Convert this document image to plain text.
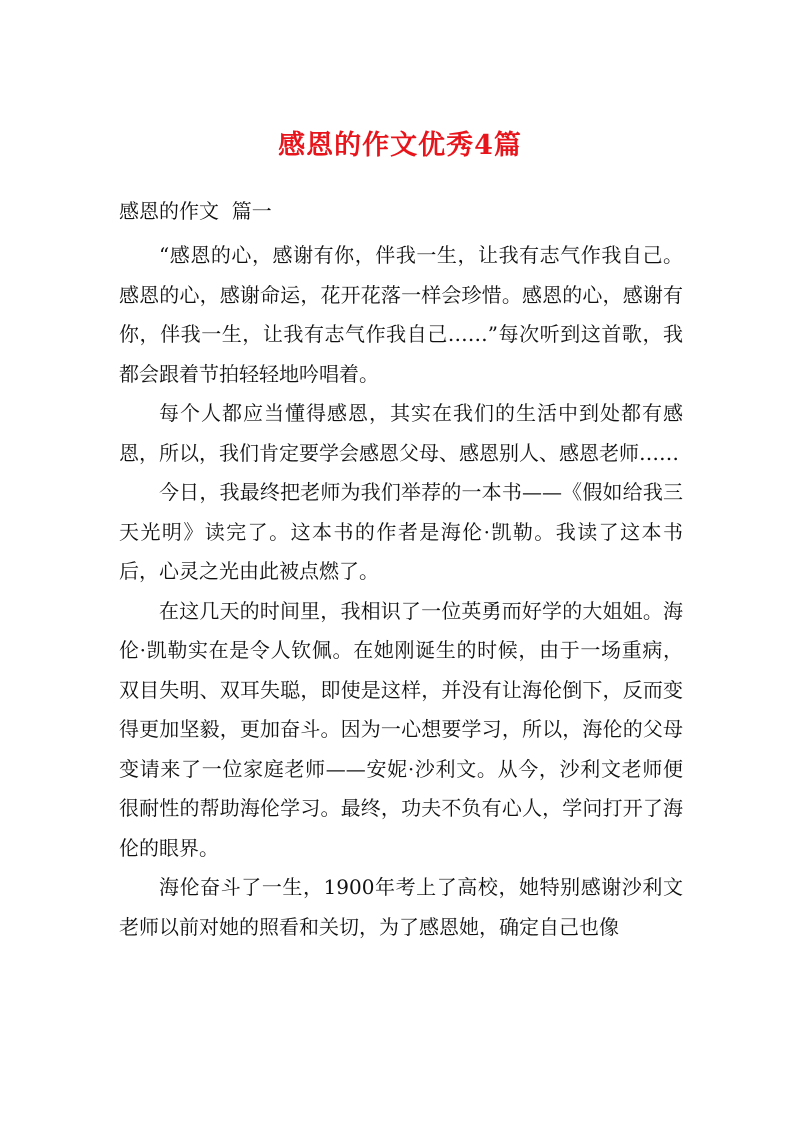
感恩的作文优秀4篇
感恩的作文  篇一

“感恩的心，感谢有你，伴我一生，让我有志气作我自己。感恩的心，感谢命运，花开花落一样会珍惜。感恩的心，感谢有你，伴我一生，让我有志气作我自己……”每次听到这首歌，我都会跟着节拍轻轻地吟唱着。

每个人都应当懂得感恩，其实在我们的生活中到处都有感恩，所以，我们肯定要学会感恩父母、感恩别人、感恩老师……

今日，我最终把老师为我们举荐的一本书——《假如给我三天光明》读完了。这本书的作者是海伦·凯勒。我读了这本书后，心灵之光由此被点燃了。

在这几天的时间里，我相识了一位英勇而好学的大姐姐。海伦·凯勒实在是令人钦佩。在她刚诞生的时候，由于一场重病，双目失明、双耳失聪，即使是这样，并没有让海伦倒下，反而变得更加坚毅，更加奋斗。因为一心想要学习，所以，海伦的父母变请来了一位家庭老师——安妮·沙利文。从今，沙利文老师便很耐性的帮助海伦学习。最终，功夫不负有心人，学问打开了海伦的眼界。

海伦奋斗了一生，1900年考上了高校，她特别感谢沙利文老师以前对她的照看和关切，为了感恩她，确定自己也像
